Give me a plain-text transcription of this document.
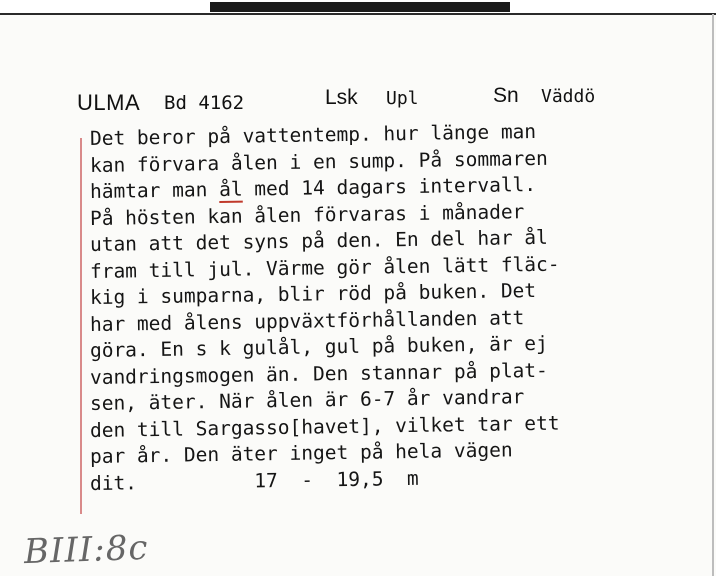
ULMA Bd 4162	Lsk Upl	Sn Väddö
Det beror på vattentemp. hur länge man
kan förvara ålen i en sump. På sommaren
hämtar man ål med 14 dagars intervall.
På hösten kan ålen förvaras i månader
utan att det syns på den. En del har ål
fram till jul. Värme gör ålen lätt fläc-
kig i sumparna, blir röd på buken. Det
har med ålens uppväxtförhållanden att
göra. En s k gulål, gul på buken, är ej
vandringsmogen än. Den stannar på plat-
sen, äter. När ålen är 6-7 år vandrar
den till Sargasso[havet], vilket tar ett
par år. Den äter inget på hela vägen
dit.          17  -  19,5  m
BIII:8c
